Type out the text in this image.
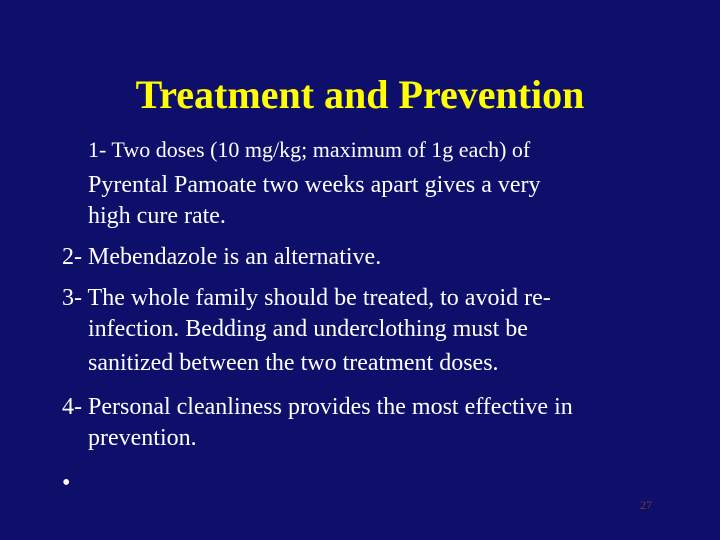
Treatment and Prevention
1- Two doses (10 mg/kg; maximum of 1g each) of
Pyrental Pamoate two weeks apart gives a very
high cure rate.
2- Mebendazole is an alternative.
3- The whole family should be treated, to avoid re-
infection. Bedding and underclothing must be
sanitized between the two treatment doses.
4- Personal cleanliness provides the most effective in
prevention.
•
27
